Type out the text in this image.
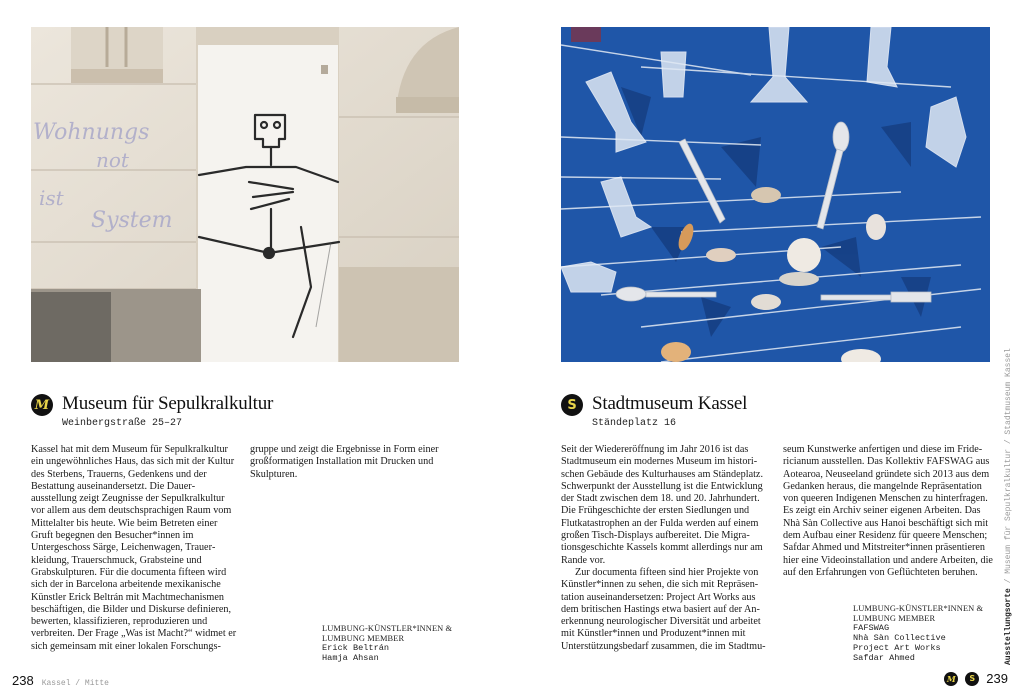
Wohnungs
not
ist
System
M Museum für Sepulkralkultur
Weinbergstraße 25–27

Kassel hat mit dem Museum für Sepulkralkultur ein ungewöhnliches Haus, das sich mit der Kultur des Sterbens, Trauerns, Gedenkens und der Bestattung auseinandersetzt. Die Dauerausstellung zeigt Zeugnisse der Sepulkralkultur vor allem aus dem deutschsprachigen Raum vom Mittelalter bis heute. Wie beim Betreten einer Gruft begegnen den Besucher*innen im Untergeschoss Särge, Leichenwagen, Trauerkleidung, Trauerschmuck, Grabsteine und Grabskulpturen. Für die documenta fifteen wird sich der in Barcelona arbeitende mexikanische Künstler Erick Beltrán mit Machtmechanismen beschäftigen, die Bilder und Diskurse definieren, bewerten, klassifizieren, reproduzieren und verbreiten. Der Frage „Was ist Macht?“ widmet er sich gemeinsam mit einer lokalen Forschungs-

gruppe und zeigt die Ergebnisse in Form einer großformatigen Installation mit Drucken und Skulpturen.

LUMBUNG-KÜNSTLER*INNEN &
LUMBUNG MEMBER
Erick Beltrán
Hamja Ahsan
238 Kassel / Mitte
S Stadtmuseum Kassel
Ständeplatz 16

Seit der Wiedereröffnung im Jahr 2016 ist das Stadtmuseum ein modernes Museum im historischen Gebäude des Kulturhauses am Ständeplatz. Schwerpunkt der Ausstellung ist die Entwicklung der Stadt zwischen dem 18. und 20. Jahrhundert. Die Frühgeschichte der ersten Siedlungen und Flutkatastrophen an der Fulda werden auf einem großen Tisch-Displays aufbereitet. Die Migrationsgeschichte Kassels kommt allerdings nur am Rande vor.

Zur documenta fifteen sind hier Projekte von Künstler*innen zu sehen, die sich mit Repräsentation auseinandersetzen: Project Art Works aus dem britischen Hastings etwa basiert auf der Anerkennung neurologischer Diversität und arbeitet mit Künstler*innen und Produzent*innen mit Unterstützungsbedarf zusammen, die im Stadtmu-

seum Kunstwerke anfertigen und diese im Fridericianum ausstellen. Das Kollektiv FAFSWAG aus Aotearoa, Neuseeland gründete sich 2013 aus dem Gedanken heraus, die mangelnde Repräsentation von queeren Indigenen Menschen zu hinterfragen. Es zeigt ein Archiv seiner eigenen Arbeiten. Das Nhà Sàn Collective aus Hanoi beschäftigt sich mit dem Aufbau einer Residenz für queere Menschen; Safdar Ahmed und Mitstreiter*innen präsentieren hier eine Videoinstallation und andere Arbeiten, die auf den Erfahrungen von Geflüchteten beruhen.

LUMBUNG-KÜNSTLER*INNEN &
LUMBUNG MEMBER
FAFSWAG
Nhà Sàn Collective
Project Art Works
Safdar Ahmed
M	S 239
Ausstellungsorte / Museum für Sepulkralkultur / Stadtmuseum Kassel
